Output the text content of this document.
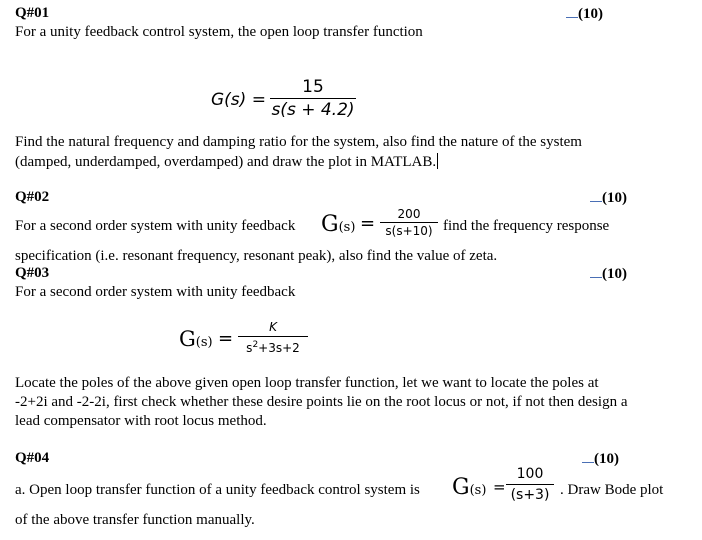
Q#01	(10)
For a unity feedback control system, the open loop transfer function
G(s) =
15
s(s + 4.2)
Find the natural frequency and damping ratio for the system, also find the nature of the system
(damped, underdamped, overdamped) and draw the plot in MATLAB.
Q#02	(10)
For a second order system with unity feedback G(s) =	200
s(s+10) find the frequency response
specification (i.e. resonant frequency, resonant peak), also find the value of zeta.
Q#03	(10)
For a second order system with unity feedback
G(s) =
K
$s^2+3s+2$
Locate the poles of the above given open loop transfer function, let we want to locate the poles at
-2+2i and -2-2i, first check whether these desire points lie on the root locus or not, if not then design a
lead compensator with root locus method.
Q#04	(10)
a. Open loop transfer function of a unity feedback control system is G(s) =
100
(s+3) . Draw Bode plot
of the above transfer function manually.
